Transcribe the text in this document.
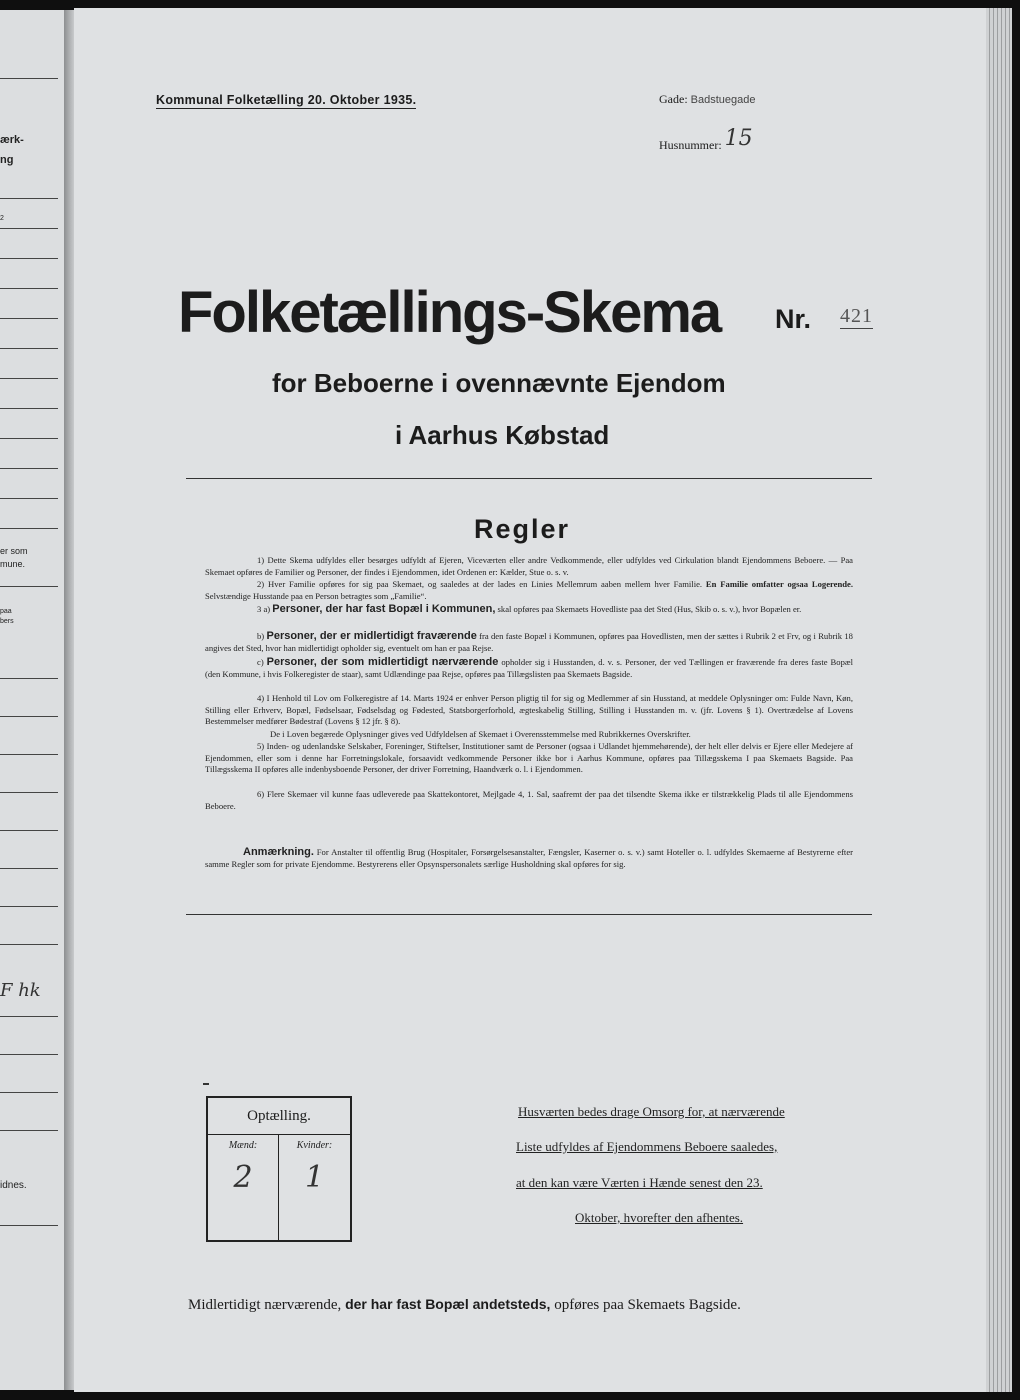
ærk-
ng
2
er som
mune.
paa
bers
F hk
idnes.
Kommunal Folketælling 20. Oktober 1935.	Gade: Badstuegade
Husnummer: 15
Folketællings-Skema Nr. 421
for Beboerne i ovennævnte Ejendom
i Aarhus Købstad
Regler
1) Dette Skema udfyldes eller besørges udfyldt af Ejeren, Viceværten eller andre Vedkommende, eller udfyldes ved Cirkulation blandt Ejendommens Beboere. — Paa Skemaet opføres de Familier og Personer, der findes i Ejendommen, idet Ordenen er: Kælder, Stue o. s. v.
2) Hver Familie opføres for sig paa Skemaet, og saaledes at der lades en Linies Mellemrum aaben mellem hver Familie. En Familie omfatter ogsaa Logerende. Selvstændige Husstande paa en Person betragtes som „Familie“.
3 a) Personer, der har fast Bopæl i Kommunen, skal opføres paa Skemaets Hovedliste paa det Sted (Hus, Skib o. s. v.), hvor Bopælen er.
b) Personer, der er midlertidigt fraværende fra den faste Bopæl i Kommunen, opføres paa Hovedlisten, men der sættes i Rubrik 2 et Frv, og i Rubrik 18 angives det Sted, hvor han midlertidigt opholder sig, eventuelt om han er paa Rejse.
c) Personer, der som midlertidigt nærværende opholder sig i Husstanden, d. v. s. Personer, der ved Tællingen er fraværende fra deres faste Bopæl (den Kommune, i hvis Folkeregister de staar), samt Udlændinge paa Rejse, opføres paa Tillægslisten paa Skemaets Bagside.
4) I Henhold til Lov om Folkeregistre af 14. Marts 1924 er enhver Person pligtig til for sig og Medlemmer af sin Husstand, at meddele Oplysninger om: Fulde Navn, Køn, Stilling eller Erhverv, Bopæl, Fødselsaar, Fødselsdag og Fødested, Statsborgerforhold, ægteskabelig Stilling, Stilling i Husstanden m. v. (jfr. Lovens § 1). Overtrædelse af Lovens Bestemmelser medfører Bødestraf (Lovens § 12 jfr. § 8).
De i Loven begærede Oplysninger gives ved Udfyldelsen af Skemaet i Overensstemmelse med Rubrikkernes Overskrifter.
5) Inden- og udenlandske Selskaber, Foreninger, Stiftelser, Institutioner samt de Personer (ogsaa i Udlandet hjemmehørende), der helt eller delvis er Ejere eller Medejere af Ejendommen, eller som i denne har Forretningslokale, forsaavidt vedkommende Personer ikke bor i Aarhus Kommune, opføres paa Tillægsskema I paa Skemaets Bagside. Paa Tillægsskema II opføres alle indenbysboende Personer, der driver Forretning, Haandværk o. l. i Ejendommen.
6) Flere Skemaer vil kunne faas udleverede paa Skattekontoret, Mejlgade 4, 1. Sal, saafremt der paa det tilsendte Skema ikke er tilstrækkelig Plads til alle Ejendommens Beboere.
Anmærkning. For Anstalter til offentlig Brug (Hospitaler, Forsørgelsesanstalter, Fængsler, Kaserner o. s. v.) samt Hoteller o. l. udfyldes Skemaerne af Bestyrerne efter samme Regler som for private Ejendomme. Bestyrerens eller Opsynspersonalets særlige Husholdning skal opføres for sig.
Optælling.
Mænd:	Kvinder:
2	1
Husværten bedes drage Omsorg for, at nærværende
Liste udfyldes af Ejendommens Beboere saaledes,
at den kan være Værten i Hænde senest den 23.
Oktober, hvorefter den afhentes.
Midlertidigt nærværende, der har fast Bopæl andetsteds, opføres paa Skemaets Bagside.
